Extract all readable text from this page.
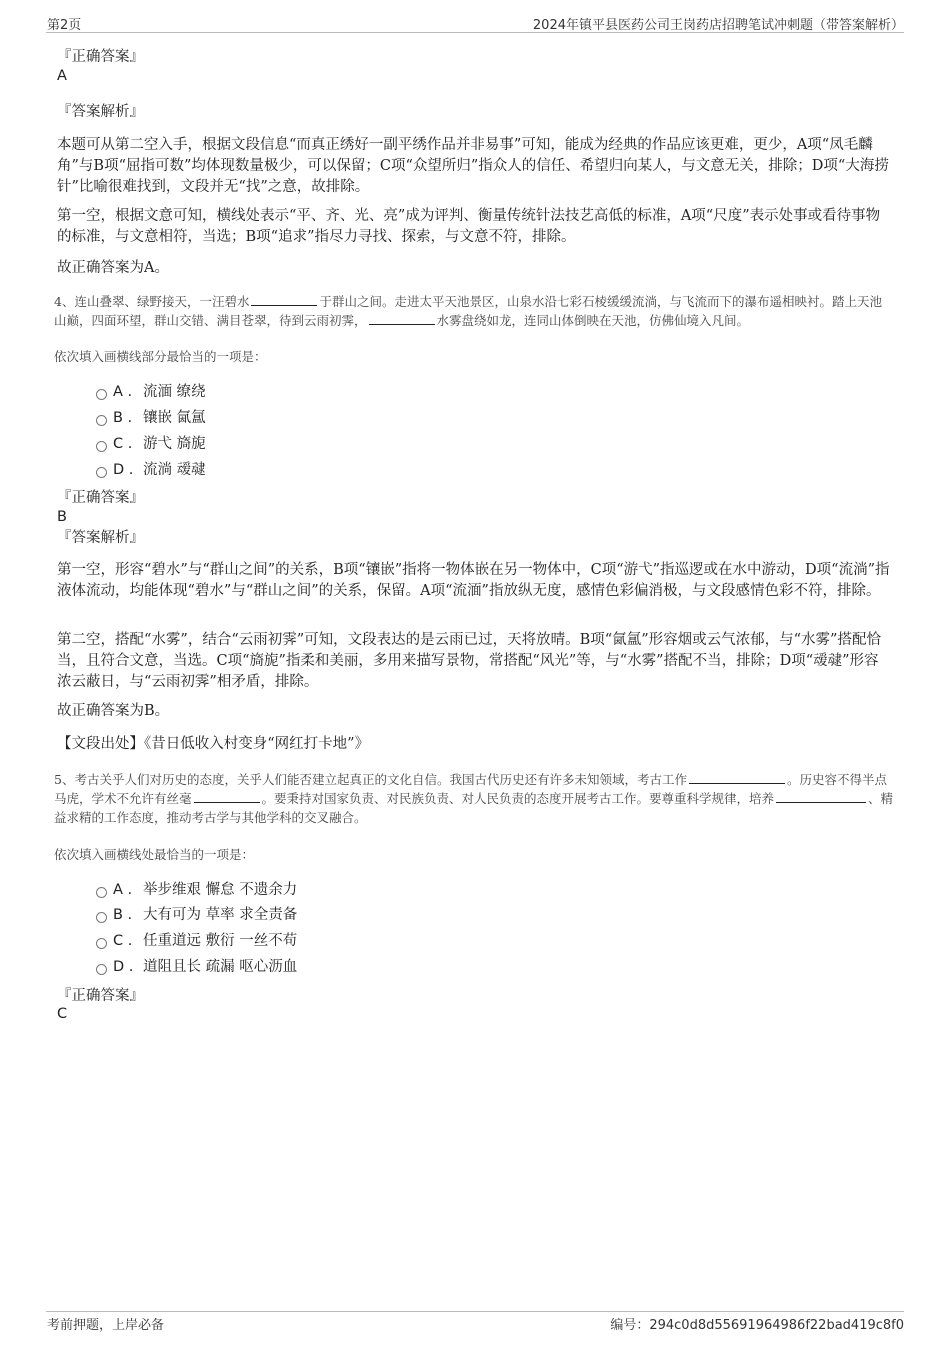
第2页	2024年镇平县医药公司王岗药店招聘笔试冲刺题（带答案解析）
『正确答案』
A
『答案解析』
本题可从第二空入手，根据文段信息“而真正绣好一副平绣作品并非易事”可知，能成为经典的作品应该更难，更少，A项“凤毛麟角”与B项“屈指可数”均体现数量极少，可以保留；C项“众望所归”指众人的信任、希望归向某人，与文意无关，排除；D项“大海捞针”比喻很难找到，文段并无“找”之意，故排除。
第一空，根据文意可知，横线处表示“平、齐、光、亮”成为评判、衡量传统针法技艺高低的标准，A项“尺度”表示处事或看待事物的标准，与文意相符，当选；B项“追求”指尽力寻找、探索，与文意不符，排除。
故正确答案为A。
4、连山叠翠、绿野接天，一汪碧水	于群山之间。走进太平天池景区，山泉水沿七彩石棱缓缓流淌，与飞流而下的瀑布遥相映衬。踏上天池山巅，四面环望，群山交错、满目苍翠，待到云雨初霁，	水雾盘绕如龙，连同山体倒映在天池，仿佛仙境入凡间。
依次填入画横线部分最恰当的一项是：
A . 流湎 缭绕
B . 镶嵌 氤氲
C . 游弋 旖旎
D . 流淌 叆叇
『正确答案』
B
『答案解析』
第一空，形容“碧水”与“群山之间”的关系，B项“镶嵌”指将一物体嵌在另一物体中，C项“游弋”指巡逻或在水中游动，D项“流淌”指液体流动，均能体现“碧水”与“群山之间”的关系，保留。A项“流湎”指放纵无度，感情色彩偏消极，与文段感情色彩不符，排除。
第二空，搭配“水雾”，结合“云雨初霁”可知，文段表达的是云雨已过，天将放晴。B项“氤氲”形容烟或云气浓郁，与“水雾”搭配恰当，且符合文意，当选。C项“旖旎”指柔和美丽，多用来描写景物，常搭配“风光”等，与“水雾”搭配不当，排除；D项“叆叇”形容浓云蔽日，与“云雨初霁”相矛盾，排除。
故正确答案为B。
【文段出处】《昔日低收入村变身“网红打卡地”》
5、考古关乎人们对历史的态度，关乎人们能否建立起真正的文化自信。我国古代历史还有许多未知领域，考古工作	。历史容不得半点马虎，学术不允许有丝毫	。要秉持对国家负责、对民族负责、对人民负责的态度开展考古工作。要尊重科学规律，培养	、精益求精的工作态度，推动考古学与其他学科的交叉融合。
依次填入画横线处最恰当的一项是：
A . 举步维艰 懈怠 不遗余力
B . 大有可为 草率 求全责备
C . 任重道远 敷衍 一丝不苟
D . 道阻且长 疏漏 呕心沥血
『正确答案』
C
考前押题，上岸必备	编号：294c0d8d55691964986f22bad419c8f0
